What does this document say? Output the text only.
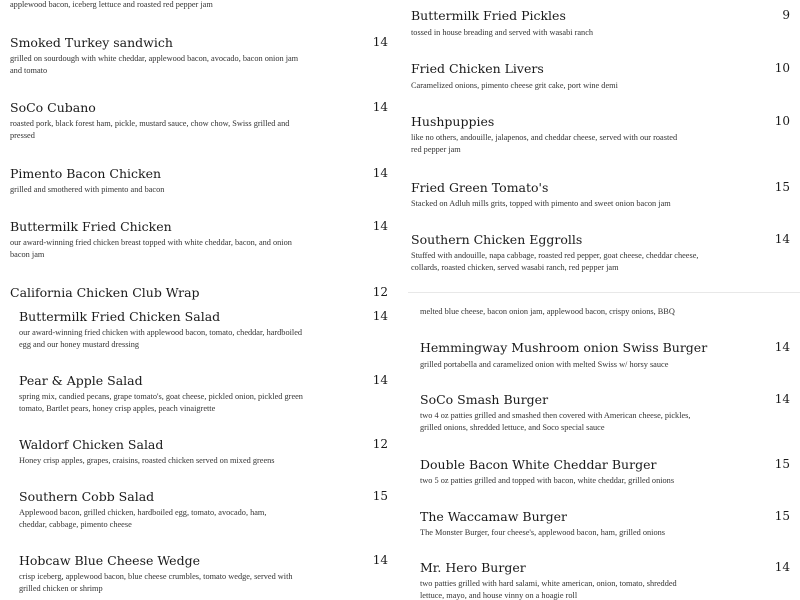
applewood bacon, iceberg lettuce and roasted red pepper jam
Smoked Turkey sandwich	14
grilled on sourdough with white cheddar, applewood bacon, avocado, bacon onion jam and tomato
SoCo Cubano	14
roasted pork, black forest ham, pickle, mustard sauce, chow chow, Swiss grilled and pressed
Pimento Bacon Chicken	14
grilled and smothered with pimento and bacon
Buttermilk Fried Chicken	14
our award-winning fried chicken breast topped with white cheddar, bacon, and onion bacon jam
California Chicken Club Wrap	12
Buttermilk Fried Pickles	9
tossed in house breading and served with wasabi ranch
Fried Chicken Livers	10
Caramelized onions, pimento cheese grit cake, port wine demi
Hushpuppies	10
like no others, andouille, jalapenos, and cheddar cheese, served with our roasted red pepper jam
Fried Green Tomato's	15
Stacked on Adluh mills grits, topped with pimento and sweet onion bacon jam
Southern Chicken Eggrolls	14
Stuffed with andouille, napa cabbage, roasted red pepper, goat cheese, cheddar cheese, collards, roasted chicken, served wasabi ranch, red pepper jam
Buttermilk Fried Chicken Salad	14
our award-winning fried chicken with applewood bacon, tomato, cheddar, hardboiled egg and our honey mustard dressing
Pear & Apple Salad	14
spring mix, candied pecans, grape tomato's, goat cheese, pickled onion, pickled green tomato, Bartlet pears, honey crisp apples, peach vinaigrette
Waldorf Chicken Salad	12
Honey crisp apples, grapes, craisins, roasted chicken served on mixed greens
Southern Cobb Salad	15
Applewood bacon, grilled chicken, hardboiled egg, tomato, avocado, ham, cheddar, cabbage, pimento cheese
Hobcaw Blue Cheese Wedge	14
crisp iceberg, applewood bacon, blue cheese crumbles, tomato wedge, served with grilled chicken or shrimp
melted blue cheese, bacon onion jam, applewood bacon, crispy onions, BBQ
Hemmingway Mushroom onion Swiss Burger	14
grilled portabella and caramelized onion with melted Swiss w/ horsy sauce
SoCo Smash Burger	14
two 4 oz patties grilled and smashed then covered with American cheese, pickles, grilled onions, shredded lettuce, and Soco special sauce
Double Bacon White Cheddar Burger	15
two 5 oz patties grilled and topped with bacon, white cheddar, grilled onions
The Waccamaw Burger	15
The Monster Burger, four cheese's, applewood bacon, ham, grilled onions
Mr. Hero Burger	14
two patties grilled with hard salami, white american, onion, tomato, shredded lettuce, mayo, and house vinny on a hoagie roll
